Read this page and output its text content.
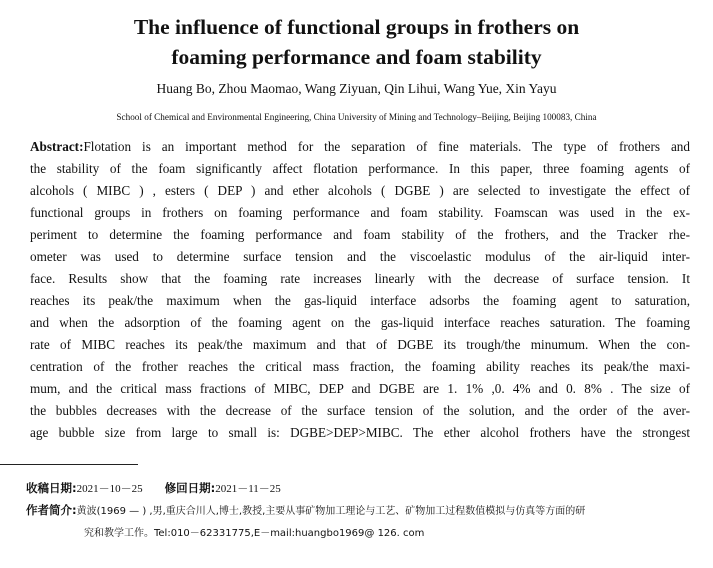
The influence of functional groups in frothers on
foaming performance and foam stability
Huang Bo, Zhou Maomao, Wang Ziyuan, Qin Lihui, Wang Yue, Xin Yayu
School of Chemical and Environmental Engineering, China University of Mining and Technology–Beijing, Beijing 100083, China
Abstract:Flotation is an important method for the separation of fine materials. The type of frothers and
the stability of the foam significantly affect flotation performance. In this paper, three foaming agents of
alcohols ( MIBC ) , esters ( DEP ) and ether alcohols ( DGBE ) are selected to investigate the effect of
functional groups in frothers on foaming performance and foam stability. Foamscan was used in the ex-
periment to determine the foaming performance and foam stability of the frothers, and the Tracker rhe-
ometer was used to determine surface tension and the viscoelastic modulus of the air-liquid inter-
face. Results show that the foaming rate increases linearly with the decrease of surface tension. It
reaches its peak/the maximum when the gas-liquid interface adsorbs the foaming agent to saturation,
and when the adsorption of the foaming agent on the gas-liquid interface reaches saturation. The foaming
rate of MIBC reaches its peak/the maximum and that of DGBE its trough/the minumum. When the con-
centration of the frother reaches the critical mass fraction, the foaming ability reaches its peak/the maxi-
mum, and the critical mass fractions of MIBC, DEP and DGBE are 1. 1% ,0. 4% and 0. 8% . The size of
the bubbles decreases with the decrease of the surface tension of the solution, and the order of the aver-
age bubble size from large to small is: DGBE>DEP>MIBC. The ether alcohol frothers have the strongest
收稿日期:2021－10－25 修回日期:2021－11－25
作者简介:黄波(1969 — ) ,男,重庆合川人,博士,教授,主要从事矿物加工理论与工艺、矿物加工过程数值模拟与仿真等方面的研
究和教学工作。Tel:010－62331775,E－mail:huangbo1969@ 126. com
